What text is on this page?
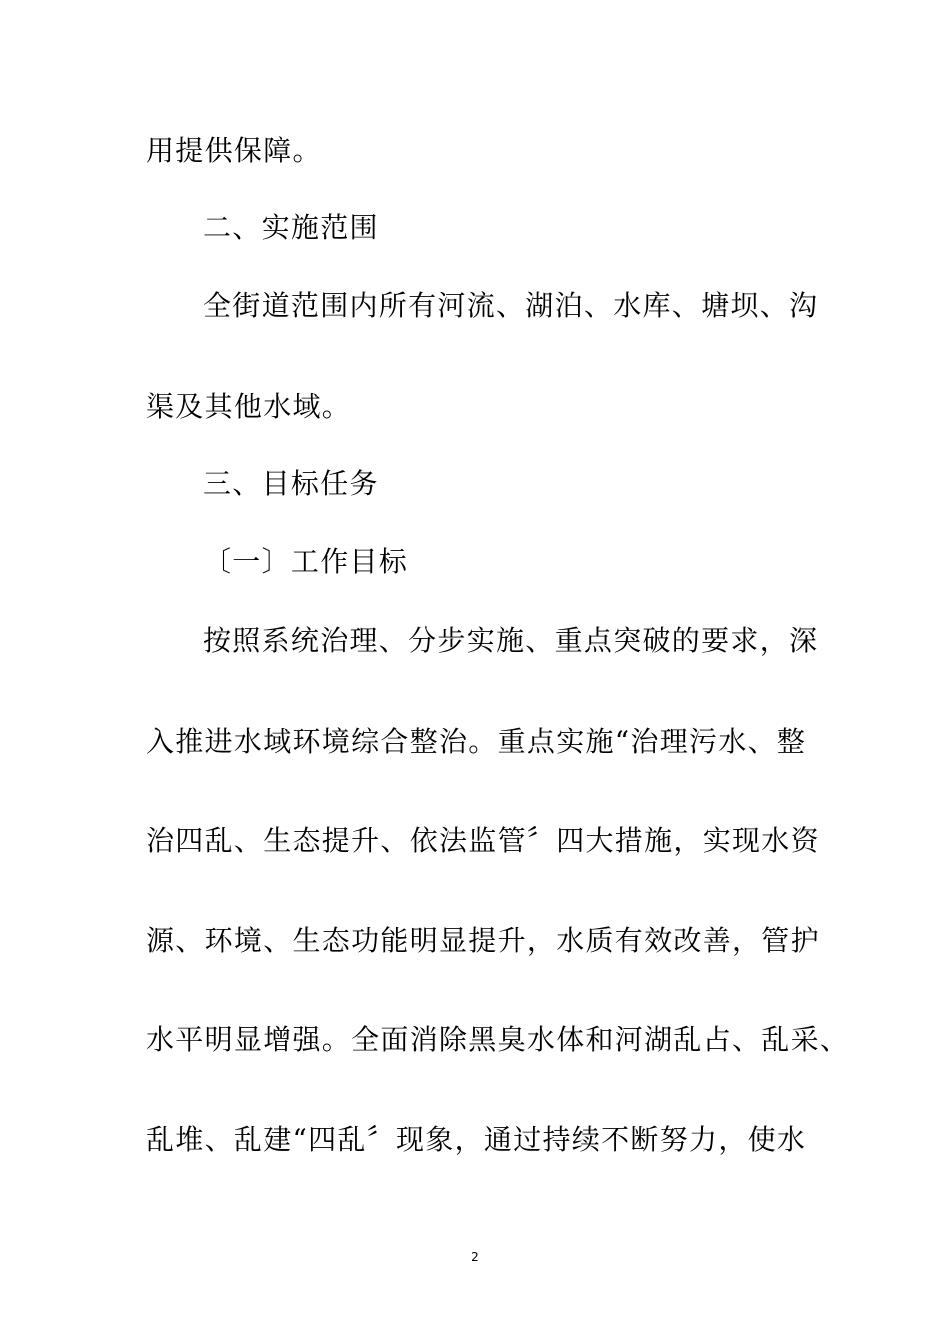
用提供保障。
二、实施范围
全街道范围内所有河流、湖泊、水库、塘坝、沟
渠及其他水域。
三、目标任务
〔一〕工作目标
按照系统治理、分步实施、重点突破的要求，深
入推进水域环境综合整治。重点实施“治理污水、整
治四乱、生态提升、依法监管〞四大措施，实现水资
源、环境、生态功能明显提升，水质有效改善，管护
水平明显增强。全面消除黑臭水体和河湖乱占、乱采、
乱堆、乱建“四乱〞现象，通过持续不断努力，使水
2
